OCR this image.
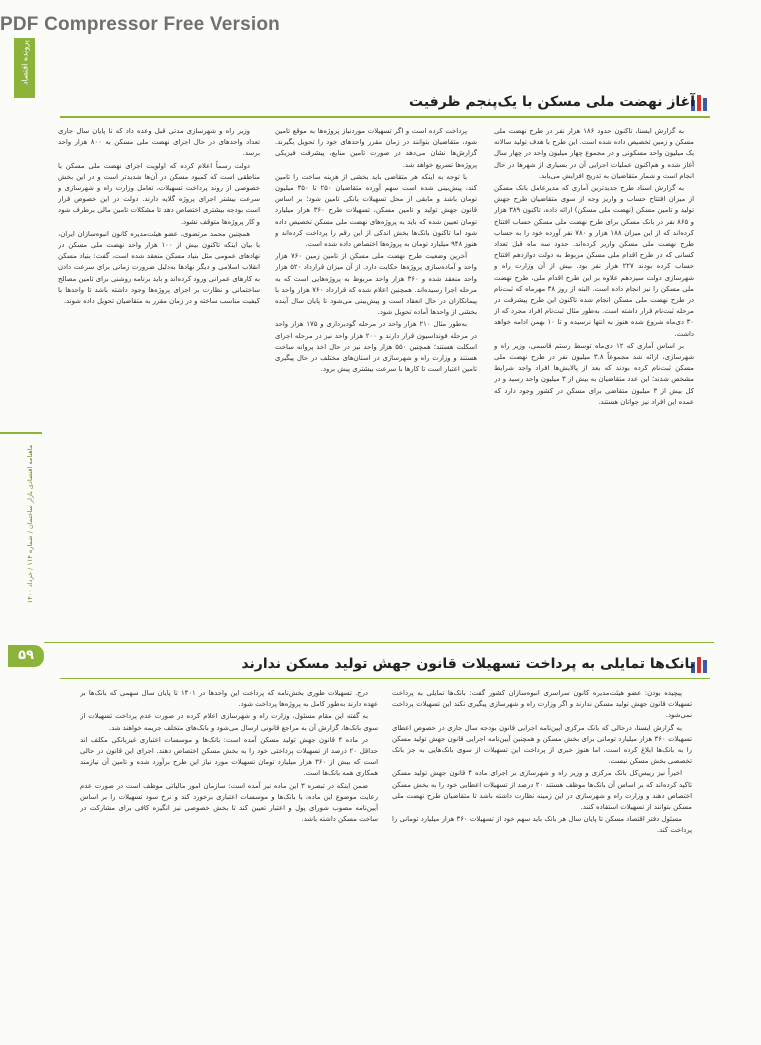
PDF Compressor Free Version
پرونده اقتصاد
ماهنامه اقتصادی بازار ساختمان / شماره ۱۱۴ / خرداد ۱۴۰۰
آغاز نهضت ملی مسکن با یک‌پنجم ظرفیت

به گزارش ایسنا، تاکنون حدود ۱۸۶ هزار نفر در طرح نهضت ملی مسکن و زمین تخصیص داده شده است. این طرح با هدف تولید سالانه یک میلیون واحد مسکونی و در مجموع چهار میلیون واحد در چهار سال آغاز شده و هم‌اکنون عملیات اجرایی آن در بسیاری از شهرها در حال انجام است و شمار متقاضیان به تدریج افزایش می‌یابد.

به گزارش اسناد طرح جدیدترین آماری که مدیرعامل بانک مسکن از میزان افتتاح حساب و واریز وجه از سوی متقاضیان طرح جهش تولید و تامین مسکن (نهضت ملی مسکن) ارائه داده، تاکنون ۳۸۹ هزار و ۸۶۵ نفر در بانک مسکن برای طرح نهضت ملی مسکن حساب افتتاح کرده‌اند که از این میزان ۱۸۸ هزار و ۷۸۰ نفر آورده خود را به حساب طرح نهضت ملی مسکن واریز کرده‌اند. حدود سه ماه قبل تعداد کسانی که در طرح اقدام ملی مسکن مربوط به دولت دوازدهم افتتاح حساب کرده بودند ۲۲۷ هزار نفر بود. بیش از آن وزارت راه و شهرسازی دولت سیزدهم علاوه بر این طرح اقدام ملی، طرح نهضت ملی مسکن را نیز انجام داده است. البته از روز ۳۸ مهرماه که ثبت‌نام در طرح نهضت ملی مسکن انجام شده تاکنون این طرح پیشرفت در مرحله ثبت‌نام قرار داشته است. به‌طور مثال ثبت‌نام افراد مجرد که از ۳۰ دی‌ماه شروع شده هنوز به انتها نرسیده و تا ۱۰ بهمن ادامه خواهد داشت.

بر اساس آماری که ۱۲ دی‌ماه توسط رستم قاسمی، وزیر راه و شهرسازی، ارائه شد مجموعاً ۳.۸ میلیون نفر در طرح نهضت ملی مسکن ثبت‌نام کرده بودند که بعد از پالایش‌ها افراد واجد شرایط مشخص شدند؛ این عدد متقاضیان به بیش از ۳ میلیون واحد رسید و در کل بیش از ۳ میلیون متقاضی برای مسکن در کشور وجود دارد که عمده این افراد نیز جوانان هستند.

پرداخت کرده است و اگر تسهیلات موردنیاز پروژه‌ها به موقع تامین شود، متقاضیان بتوانند در زمان مقرر واحدهای خود را تحویل بگیرند. گزارش‌ها نشان می‌دهد در صورت تامین منابع، پیشرفت فیزیکی پروژه‌ها تسریع خواهد شد.

با توجه به اینکه هر متقاضی باید بخشی از هزینه ساخت را تامین کند، پیش‌بینی شده است سهم آورده متقاضیان ۲۵۰ تا ۳۵۰ میلیون تومان باشد و مابقی از محل تسهیلات بانکی تامین شود؛ بر اساس قانون جهش تولید و تامین مسکن، تسهیلات طرح ۳۶۰ هزار میلیارد تومان تعیین شده که باید به پروژه‌های نهضت ملی مسکن تخصیص داده شود اما تاکنون بانک‌ها بخش اندکی از این رقم را پرداخت کرده‌اند و هنوز ۹۴۸ میلیارد تومان به پروژه‌ها اختصاص داده شده است.

آخرین وضعیت طرح نهضت ملی مسکن از تامین زمین ۷۶۰ هزار واحد و آماده‌سازی پروژه‌ها حکایت دارد. از آن میزان قرارداد ۵۲۰ هزار واحد منعقد شده و ۳۶۰ هزار واحد مربوط به پروژه‌هایی است که به مرحله اجرا رسیده‌اند. همچنین اعلام شده که قرارداد ۷۶۰ هزار واحد با پیمانکاران در حال انعقاد است و پیش‌بینی می‌شود تا پایان سال آینده بخشی از واحدها آماده تحویل شود.

به‌طور مثال ۲۱۰ هزار واحد در مرحله گودبرداری و ۱۷۵ هزار واحد در مرحله فونداسیون قرار دارند و ۲۰۰ هزار واحد نیز در مرحله اجرای اسکلت هستند؛ همچنین ۵۵۰ هزار واحد نیز در حال اخذ پروانه ساخت هستند و وزارت راه و شهرسازی در استان‌های مختلف در حال پیگیری تامین اعتبار است تا کارها با سرعت بیشتری پیش برود.

وزیر راه و شهرسازی مدتی قبل وعده داد که تا پایان سال جاری تعداد واحدهای در حال اجرای نهضت ملی مسکن به ۸۰۰ هزار واحد برسد.

دولت رسماً اعلام کرده که اولویت اجرای نهضت ملی مسکن با مناطقی است که کمبود مسکن در آن‌ها شدیدتر است و در این بخش خصوصی از روند پرداخت تسهیلات، تعامل وزارت راه و شهرسازی و سرعت بیشتر اجرای پروژه گلایه دارند. دولت در این خصوص قرار است بودجه بیشتری اختصاص دهد تا مشکلات تامین مالی برطرف شود و کار پروژه‌ها متوقف نشود.

همچنین محمد مرتضوی، عضو هیئت‌مدیره کانون انبوه‌سازان ایران، با بیان اینکه تاکنون بیش از ۱۰۰ هزار واحد نهضت ملی مسکن در نهادهای عمومی مثل بنیاد مسکن منعقد شده است، گفت: بنیاد مسکن انقلاب اسلامی و دیگر نهادها به‌دلیل ضرورت زمانی برای سرعت دادن به کارهای عمرانی ورود کرده‌اند و باید برنامه روشنی برای تامین مصالح ساختمانی و نظارت بر اجرای پروژه‌ها وجود داشته باشد تا واحدها با کیفیت مناسب ساخته و در زمان مقرر به متقاضیان تحویل داده شوند.

۵۹
بانک‌ها تمایلی به پرداخت تسهیلات قانون جهش تولید مسکن ندارند

پیچیده بودن: عضو هیئت‌مدیره کانون سراسری انبوه‌سازان کشور گفت: بانک‌ها تمایلی به پرداخت تسهیلات قانون جهش تولید مسکن ندارند و اگر وزارت راه و شهرسازی پیگیری نکند این تسهیلات پرداخت نمی‌شود.

به گزارش ایسنا، درحالی که بانک مرکزی آیین‌نامه اجرایی قانون بودجه سال جاری در خصوص اعطای تسهیلات ۳۶۰ هزار میلیارد تومانی برای بخش مسکن و همچنین آیین‌نامه اجرایی قانون جهش تولید مسکن را به بانک‌ها ابلاغ کرده است، اما هنوز خبری از پرداخت این تسهیلات از سوی بانک‌هایی به جز بانک تخصصی بخش مسکن نیست.

اخیراً نیز رییس‌کل بانک مرکزی و وزیر راه و شهرسازی بر اجرای ماده ۴ قانون جهش تولید مسکن تاکید کرده‌اند که بر اساس آن بانک‌ها موظف هستند ۲۰ درصد از تسهیلات اعطایی خود را به بخش مسکن اختصاص دهند و وزارت راه و شهرسازی در این زمینه نظارت داشته باشد تا متقاضیان طرح نهضت ملی مسکن بتوانند از تسهیلات استفاده کنند.

مسئول دفتر اقتصاد مسکن تا پایان سال هر بانک باید سهم خود از تسهیلات ۳۶۰ هزار میلیارد تومانی را پرداخت کند.

درج. تسهیلات طوری بخش‌نامه که پرداخت این واحدها در ۱۴۰۱ تا پایان سال سهمی که بانک‌ها بر عهده دارند به‌طور کامل به پروژه‌ها پرداخت شود.

به گفته این مقام مسئول، وزارت راه و شهرسازی اعلام کرده در صورت عدم پرداخت تسهیلات از سوی بانک‌ها، گزارش آن به مراجع قانونی ارسال می‌شود و بانک‌های متخلف جریمه خواهند شد.

در ماده ۴ قانون جهش تولید مسکن آمده است: بانک‌ها و موسسات اعتباری غیربانکی مکلف اند حداقل ۲۰ درصد از تسهیلات پرداختی خود را به بخش مسکن اختصاص دهند. اجرای این قانون در حالی است که بیش از ۳۶۰ هزار میلیارد تومان تسهیلات مورد نیاز این طرح برآورد شده و تامین آن نیازمند همکاری همه بانک‌ها است.

ضمن اینکه در تبصره ۳ این ماده نیز آمده است: سازمان امور مالیاتی موظف است در صورت عدم رعایت موضوع این ماده، با بانک‌ها و موسسات اعتباری برخورد کند و نرخ سود تسهیلات را بر اساس آیین‌نامه مصوب شورای پول و اعتبار تعیین کند تا بخش خصوصی نیز انگیزه کافی برای مشارکت در ساخت مسکن داشته باشد.
